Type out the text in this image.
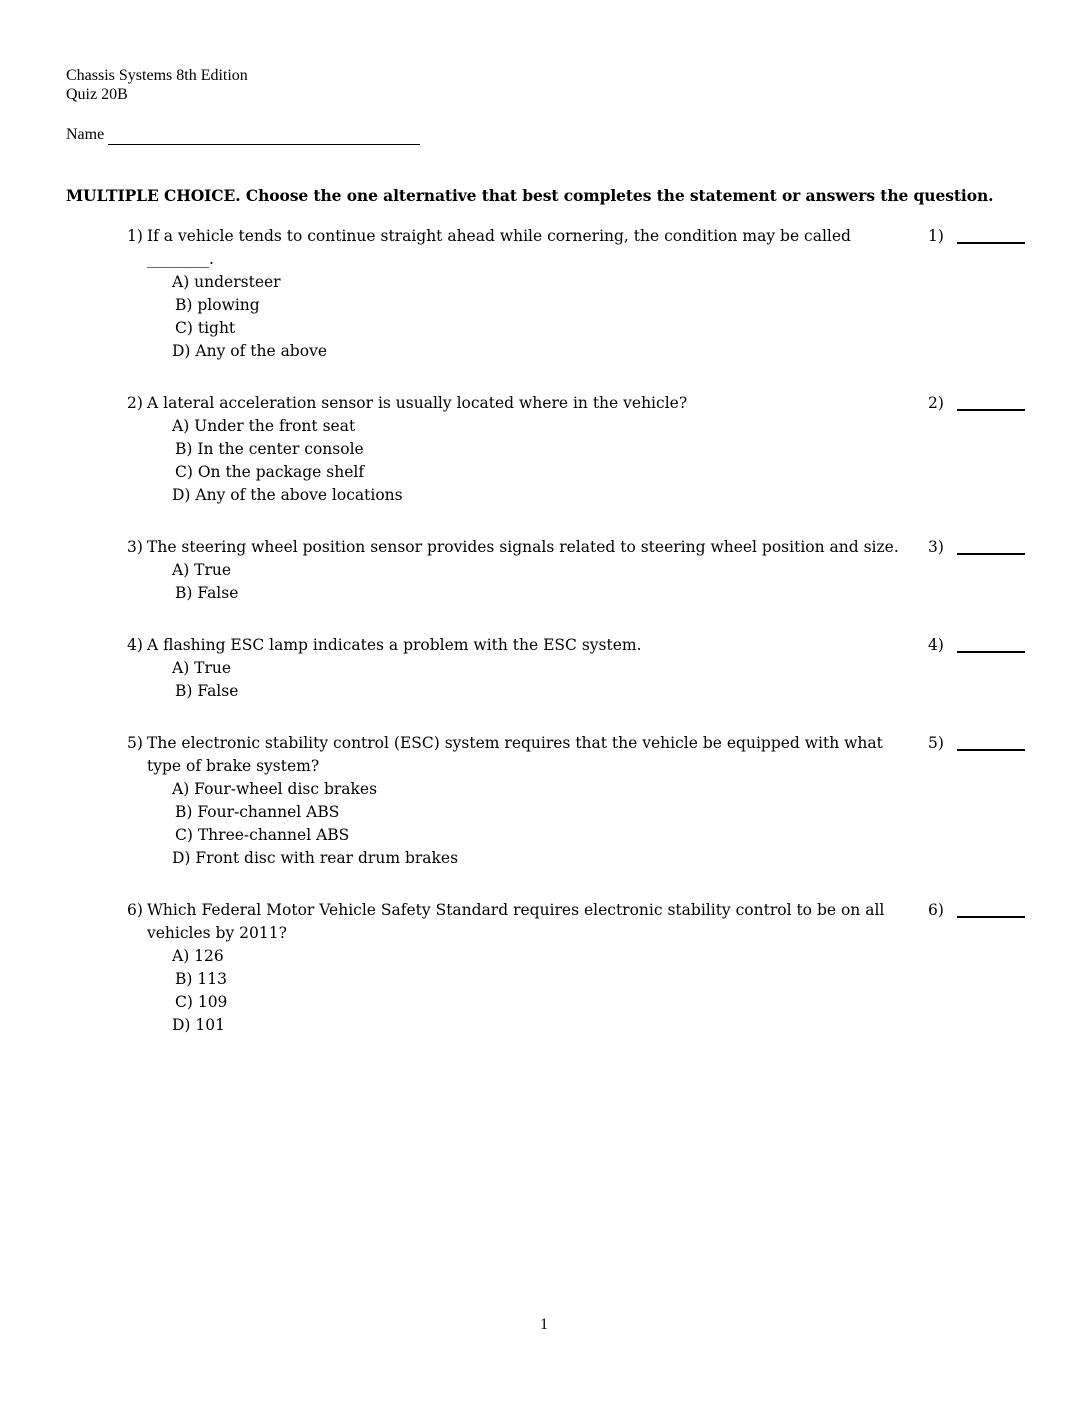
Chassis Systems 8th Edition
Quiz 20B
Name
MULTIPLE CHOICE. Choose the one alternative that best completes the statement or answers the question.
1) If a vehicle tends to continue straight ahead while cornering, the condition may be called
________.
A) understeer
B) plowing
C) tight
D) Any of the above
1)
2) A lateral acceleration sensor is usually located where in the vehicle?
A) Under the front seat
B) In the center console
C) On the package shelf
D) Any of the above locations
2)
3) The steering wheel position sensor provides signals related to steering wheel position and size.
A) True
B) False
3)
4) A flashing ESC lamp indicates a problem with the ESC system.
A) True
B) False
4)
5) The electronic stability control (ESC) system requires that the vehicle be equipped with what
type of brake system?
A) Four-wheel disc brakes
B) Four-channel ABS
C) Three-channel ABS
D) Front disc with rear drum brakes
5)
6) Which Federal Motor Vehicle Safety Standard requires electronic stability control to be on all
vehicles by 2011?
A) 126
B) 113
C) 109
D) 101
6)
1
